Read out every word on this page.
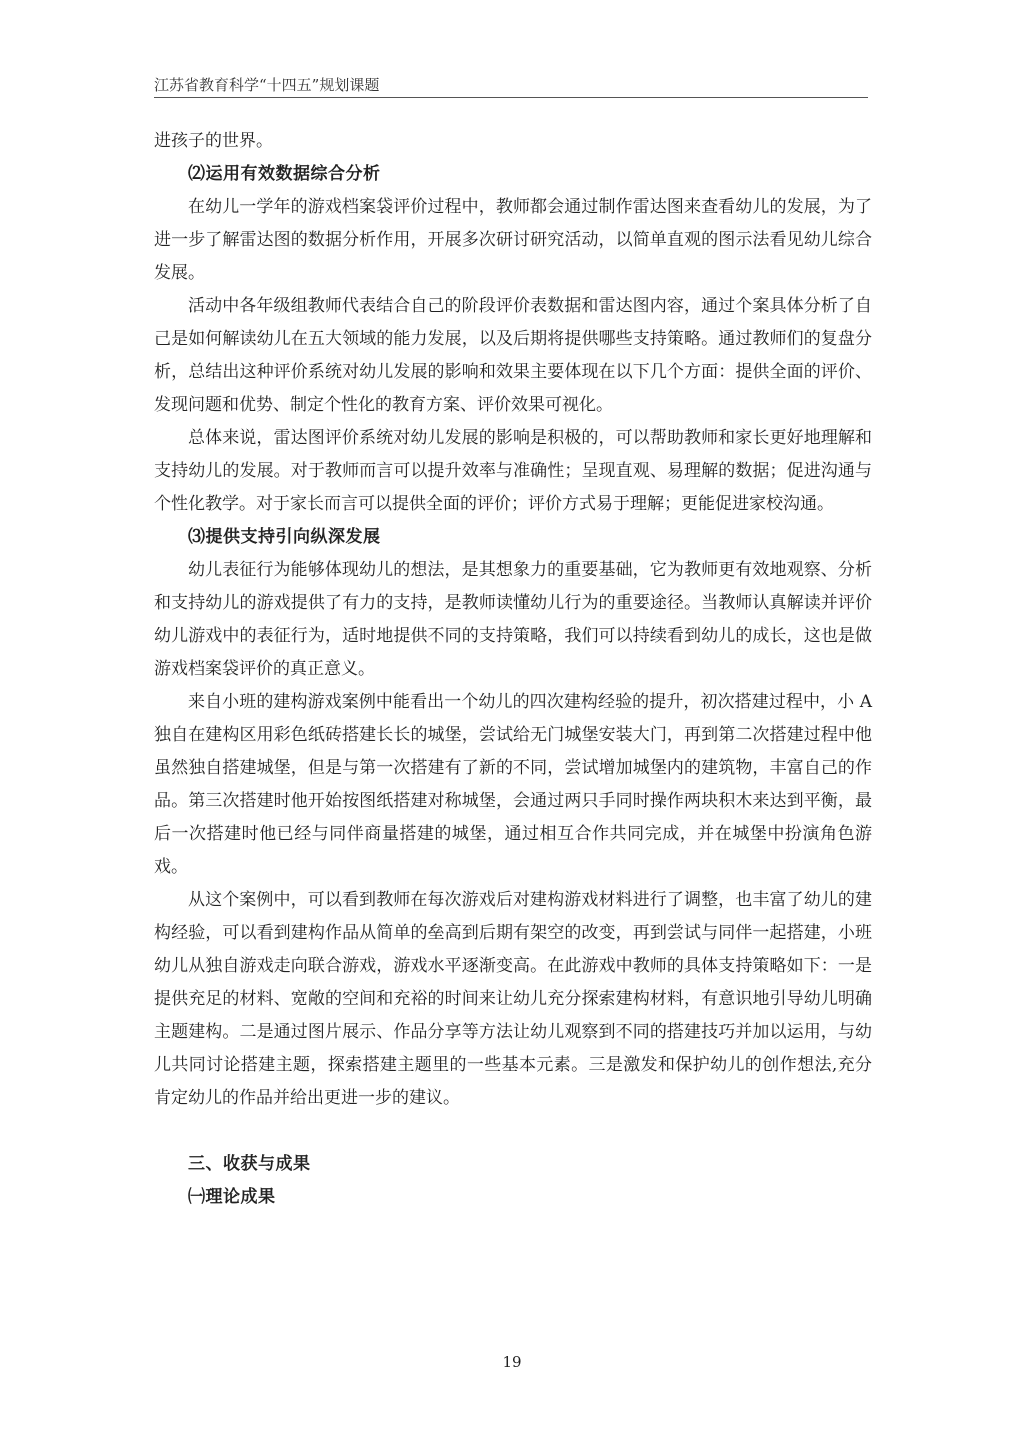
江苏省教育科学“十四五”规划课题

进孩子的世界。

⑵运用有效数据综合分析

在幼儿一学年的游戏档案袋评价过程中，教师都会通过制作雷达图来查看幼儿的发展，为了进一步了解雷达图的数据分析作用，开展多次研讨研究活动，以简单直观的图示法看见幼儿综合发展。

活动中各年级组教师代表结合自己的阶段评价表数据和雷达图内容，通过个案具体分析了自己是如何解读幼儿在五大领域的能力发展，以及后期将提供哪些支持策略。通过教师们的复盘分析，总结出这种评价系统对幼儿发展的影响和效果主要体现在以下几个方面：提供全面的评价、发现问题和优势、制定个性化的教育方案、评价效果可视化。

总体来说，雷达图评价系统对幼儿发展的影响是积极的，可以帮助教师和家长更好地理解和支持幼儿的发展。对于教师而言可以提升效率与准确性；呈现直观、易理解的数据；促进沟通与个性化教学。对于家长而言可以提供全面的评价；评价方式易于理解；更能促进家校沟通。

⑶提供支持引向纵深发展

幼儿表征行为能够体现幼儿的想法，是其想象力的重要基础，它为教师更有效地观察、分析和支持幼儿的游戏提供了有力的支持，是教师读懂幼儿行为的重要途径。当教师认真解读并评价幼儿游戏中的表征行为，适时地提供不同的支持策略，我们可以持续看到幼儿的成长，这也是做游戏档案袋评价的真正意义。

来自小班的建构游戏案例中能看出一个幼儿的四次建构经验的提升，初次搭建过程中，小 A 独自在建构区用彩色纸砖搭建长长的城堡，尝试给无门城堡安装大门，再到第二次搭建过程中他虽然独自搭建城堡，但是与第一次搭建有了新的不同，尝试增加城堡内的建筑物，丰富自己的作品。第三次搭建时他开始按图纸搭建对称城堡，会通过两只手同时操作两块积木来达到平衡，最后一次搭建时他已经与同伴商量搭建的城堡，通过相互合作共同完成，并在城堡中扮演角色游戏。

从这个案例中，可以看到教师在每次游戏后对建构游戏材料进行了调整，也丰富了幼儿的建构经验，可以看到建构作品从简单的垒高到后期有架空的改变，再到尝试与同伴一起搭建，小班幼儿从独自游戏走向联合游戏，游戏水平逐渐变高。在此游戏中教师的具体支持策略如下：一是提供充足的材料、宽敞的空间和充裕的时间来让幼儿充分探索建构材料，有意识地引导幼儿明确主题建构。二是通过图片展示、作品分享等方法让幼儿观察到不同的搭建技巧并加以运用，与幼儿共同讨论搭建主题，探索搭建主题里的一些基本元素。三是激发和保护幼儿的创作想法,充分肯定幼儿的作品并给出更进一步的建议。

三、收获与成果

㈠理论成果

19
